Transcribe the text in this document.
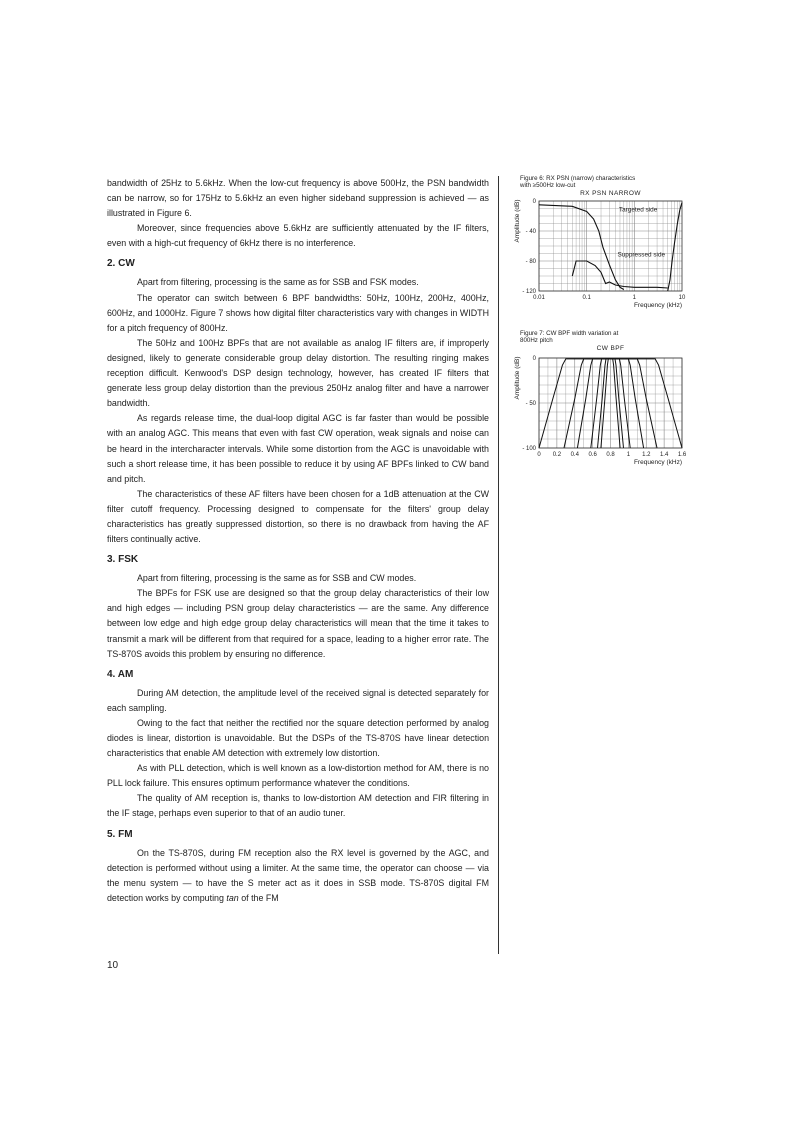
bandwidth of 25Hz to 5.6kHz. When the low-cut frequency is above 500Hz, the PSN bandwidth can be narrow, so for 175Hz to 5.6kHz an even higher sideband suppression is achieved — as illustrated in Figure 6.

Moreover, since frequencies above 5.6kHz are sufficiently attenuated by the IF filters, even with a high-cut frequency of 6kHz there is no interference.

2. CW

Apart from filtering, processing is the same as for SSB and FSK modes.

The operator can switch between 6 BPF bandwidths: 50Hz, 100Hz, 200Hz, 400Hz, 600Hz, and 1000Hz. Figure 7 shows how digital filter characteristics vary with changes in WIDTH for a pitch frequency of 800Hz.

The 50Hz and 100Hz BPFs that are not available as analog IF filters are, if improperly designed, likely to generate considerable group delay distortion. The resulting ringing makes reception difficult. Kenwood's DSP design technology, however, has created IF filters that generate less group delay distortion than the previous 250Hz analog filter and have a narrower bandwidth.

As regards release time, the dual-loop digital AGC is far faster than would be possible with an analog AGC. This means that even with fast CW operation, weak signals and noise can be heard in the intercharacter intervals. While some distortion from the AGC is unavoidable with such a short release time, it has been possible to reduce it by using AF BPFs linked to CW band and pitch.

The characteristics of these AF filters have been chosen for a 1dB attenuation at the CW filter cutoff frequency. Processing designed to compensate for the filters' group delay characteristics has greatly suppressed distortion, so there is no drawback from having the AF filters continually active.

3. FSK

Apart from filtering, processing is the same as for SSB and CW modes.

The BPFs for FSK use are designed so that the group delay characteristics of their low and high edges — including PSN group delay characteristics — are the same. Any difference between low edge and high edge group delay characteristics will mean that the time it takes to transmit a mark will be different from that required for a space, leading to a higher error rate. The TS-870S avoids this problem by ensuring no difference.

4. AM

During AM detection, the amplitude level of the received signal is detected separately for each sampling.

Owing to the fact that neither the rectified nor the square detection performed by analog diodes is linear, distortion is unavoidable. But the DSPs of the TS-870S have linear detection characteristics that enable AM detection with extremely low distortion.

As with PLL detection, which is well known as a low-distortion method for AM, there is no PLL lock failure. This ensures optimum performance whatever the conditions.

The quality of AM reception is, thanks to low-distortion AM detection and FIR filtering in the IF stage, perhaps even superior to that of an audio tuner.

5. FM

On the TS-870S, during FM reception also the RX level is governed by the AGC, and detection is performed without using a limiter. At the same time, the operator can choose — via the menu system — to have the S meter act as it does in SSB mode. TS-870S digital FM detection works by computing tan of the FM

10
Figure 6: RX PSN (narrow) characteristics
with ≥500Hz low-cut
RX PSN NARROW
Amplitude (dB)
Frequency (kHz)
0
- 40
- 80
- 120
0.01	0.1	1	10
Targeted side
Suppressed side
Figure 7: CW BPF width variation at
800Hz pitch
CW BPF
Amplitude (dB)
Frequency (kHz)
0
- 50
- 100
0 0.2 0.4 0.6 0.8 1 1.2 1.4 1.6
